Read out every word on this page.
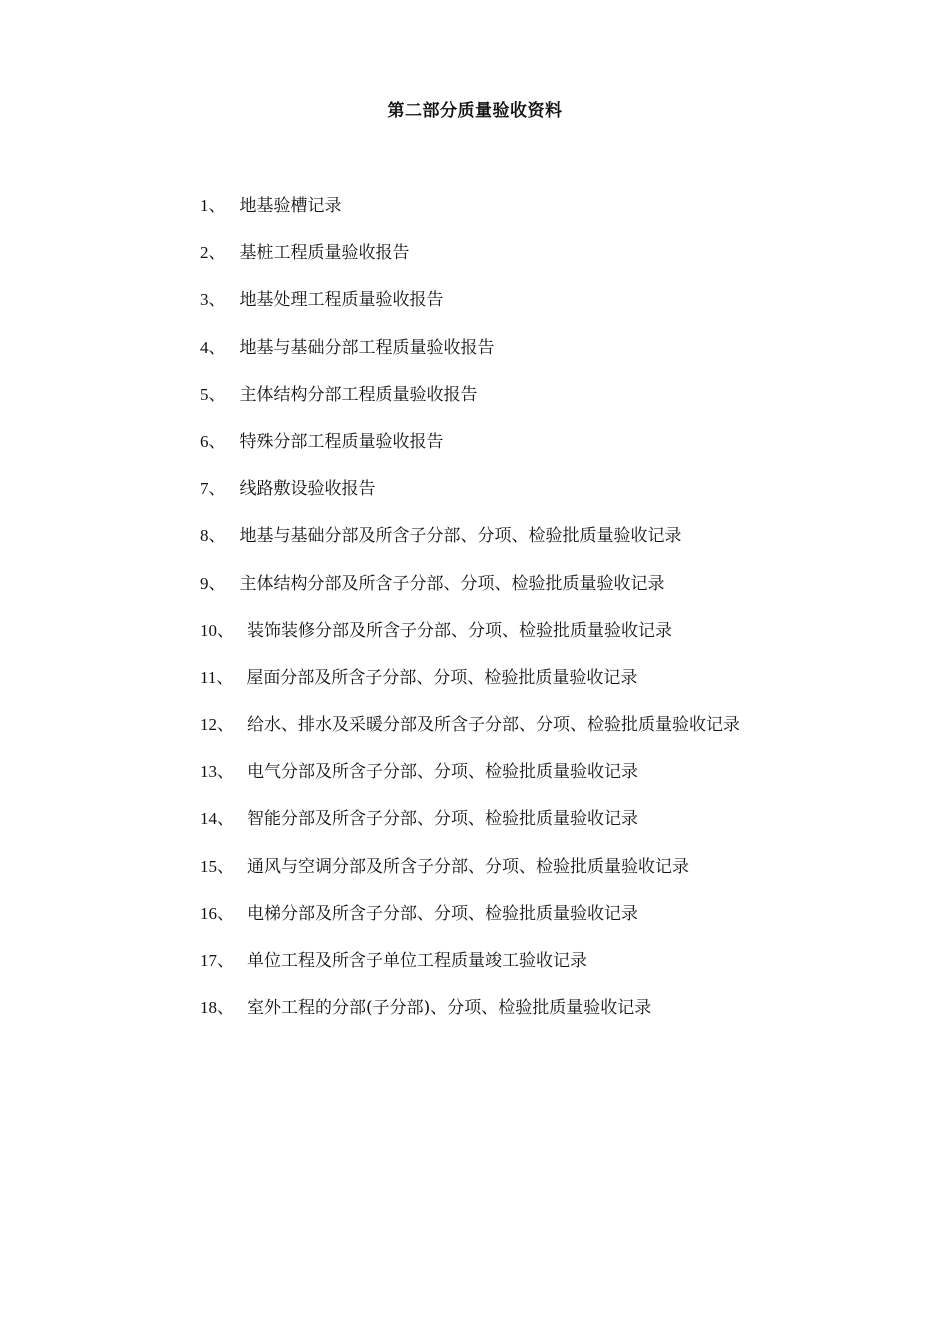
第二部分质量验收资料
1、 地基验槽记录
2、 基桩工程质量验收报告
3、 地基处理工程质量验收报告
4、 地基与基础分部工程质量验收报告
5、 主体结构分部工程质量验收报告
6、 特殊分部工程质量验收报告
7、 线路敷设验收报告
8、 地基与基础分部及所含子分部、分项、检验批质量验收记录
9、 主体结构分部及所含子分部、分项、检验批质量验收记录
10、 装饰装修分部及所含子分部、分项、检验批质量验收记录
11、 屋面分部及所含子分部、分项、检验批质量验收记录
12、 给水、排水及采暖分部及所含子分部、分项、检验批质量验收记录
13、 电气分部及所含子分部、分项、检验批质量验收记录
14、 智能分部及所含子分部、分项、检验批质量验收记录
15、 通风与空调分部及所含子分部、分项、检验批质量验收记录
16、 电梯分部及所含子分部、分项、检验批质量验收记录
17、 单位工程及所含子单位工程质量竣工验收记录
18、 室外工程的分部(子分部)、分项、检验批质量验收记录
